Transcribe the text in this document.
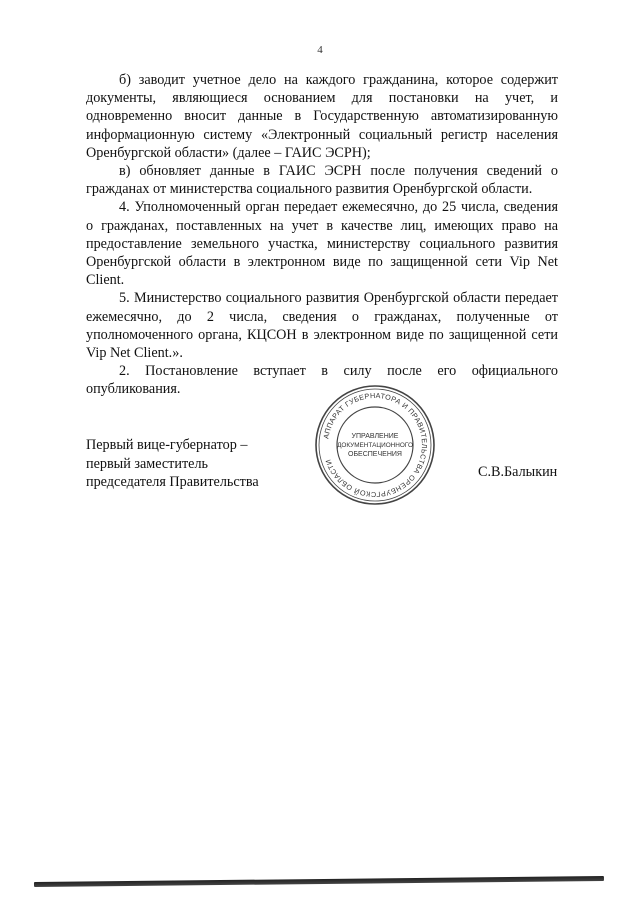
4

б) заводит учетное дело на каждого гражданина, которое содержит документы, являющиеся основанием для постановки на учет, и одновременно вносит данные в Государственную автоматизированную информационную систему «Электронный социальный регистр населения Оренбургской области» (далее – ГАИС ЭСРН);

в) обновляет данные в ГАИС ЭСРН после получения сведений о гражданах от министерства социального развития Оренбургской области.

4. Уполномоченный орган передает ежемесячно, до 25 числа, сведения о гражданах, поставленных на учет в качестве лиц, имеющих право на предоставление земельного участка, министерству социального развития Оренбургской области в электронном виде по защищенной сети Vip Net Client.

5. Министерство социального развития Оренбургской области передает ежемесячно, до 2 числа, сведения о гражданах, полученные от уполномоченного органа, КЦСОН в электронном виде по защищенной сети Vip Net Client.».

2. Постановление вступает в силу после его официального опубликования.

Первый вице-губернатор –
первый заместитель
председателя Правительства
АППАРАТ ГУБЕРНАТОРА И ПРАВИТЕЛЬСТВА ОРЕНБУРГСКОЙ ОБЛАСТИ
УПРАВЛЕНИЕ
ДОКУМЕНТАЦИОННОГО
ОБЕСПЕЧЕНИЯ
С.В.Балыкин
